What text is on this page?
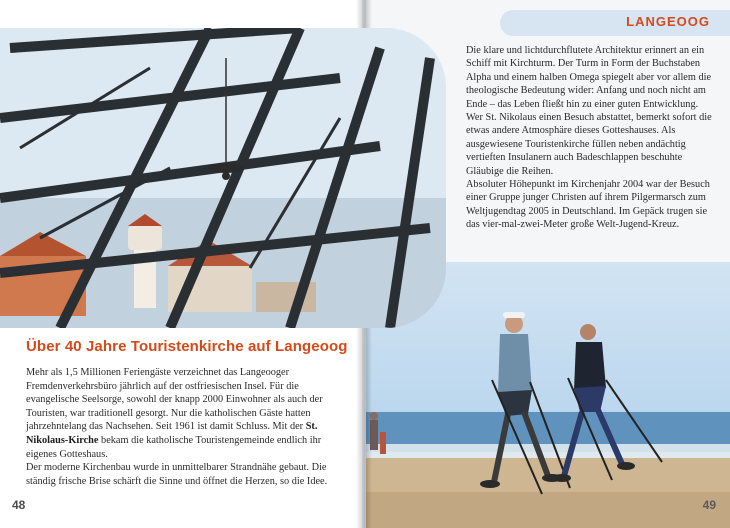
Über 40 Jahre Touristenkirche auf Langeoog

Mehr als 1,5 Millionen Feriengäste verzeichnet das Langeooger Fremdenverkehrsbüro jährlich auf der ostfriesischen Insel. Für die evangelische Seelsorge, sowohl der knapp 2000 Einwohner als auch der Touristen, war traditionell gesorgt. Nur die katholischen Gäste hatten jahrzehntelang das Nachsehen. Seit 1961 ist damit Schluss. Mit der St. Nikolaus-Kirche bekam die katholische Touristengemeinde endlich ihr eigenes Gotteshaus.
Der moderne Kirchenbau wurde in unmittelbarer Strandnähe gebaut. Die ständig frische Brise schärft die Sinne und öffnet die Herzen, so die Idee.

48
LANGEOOG

Die klare und lichtdurchflutete Architektur erinnert an ein Schiff mit Kirchturm. Der Turm in Form der Buchstaben Alpha und einem halben Omega spiegelt aber vor allem die theologische Bedeutung wider: Anfang und noch nicht am Ende – das Leben fließt hin zu einer guten Entwicklung. Wer St. Nikolaus einen Besuch abstattet, bemerkt sofort die etwas andere Atmosphäre dieses Gotteshauses. Als ausgewiesene Touristenkirche füllen neben andächtig vertieften Insulanern auch Badeschlappen beschuhte Gläubige die Reihen.

Absoluter Höhepunkt im Kirchenjahr 2004 war der Besuch einer Gruppe junger Christen auf ihrem Pilgermarsch zum Weltjugendtag 2005 in Deutschland. Im Gepäck trugen sie das vier-mal-zwei-Meter große Welt-Jugend-Kreuz.

49
